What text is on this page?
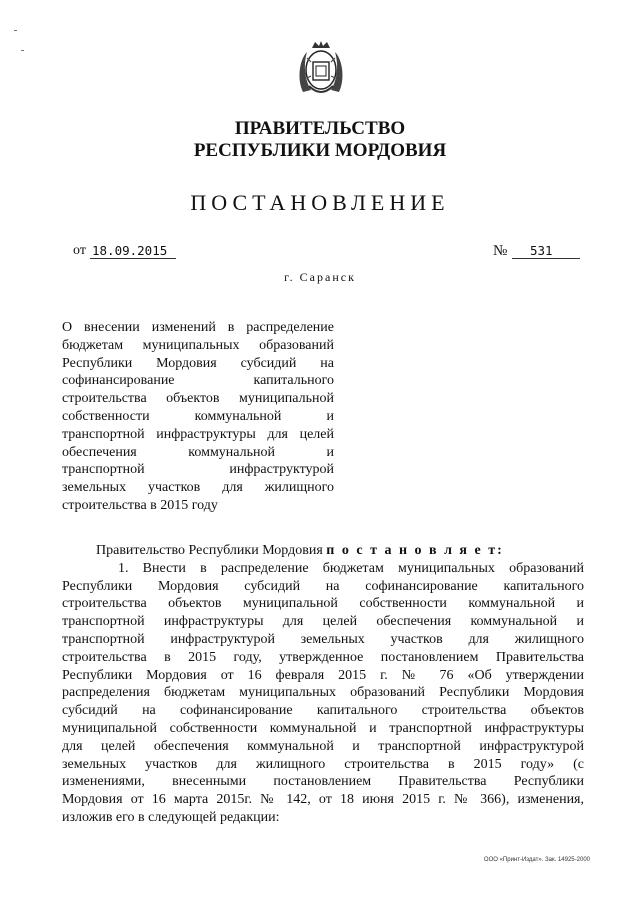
ПРАВИТЕЛЬСТВО
РЕСПУБЛИКИ МОРДОВИЯ
ПОСТАНОВЛЕНИЕ
от 18.09.2015	№	531
г. Саранск
О внесении изменений в распределение
бюджетам муниципальных образований
Республики Мордовия субсидий на
софинансирование капитального
строительства объектов муниципальной
собственности коммунальной и
транспортной инфраструктуры для целей
обеспечения коммунальной и
транспортной инфраструктурой
земельных участков для жилищного
строительства в 2015 году
Правительство Республики Мордовия п о с т а н о в л я е т:
1. Внести в распределение бюджетам муниципальных образований
Республики Мордовия субсидий на софинансирование капитального
строительства объектов муниципальной собственности коммунальной и
транспортной инфраструктуры для целей обеспечения коммунальной и
транспортной инфраструктурой земельных участков для жилищного
строительства в 2015 году, утвержденное постановлением Правительства
Республики Мордовия от 16 февраля 2015 г. № 76 «Об утверждении
распределения бюджетам муниципальных образований Республики Мордовия
субсидий на софинансирование капитального строительства объектов
муниципальной собственности коммунальной и транспортной инфраструктуры
для целей обеспечения коммунальной и транспортной инфраструктурой
земельных участков для жилищного строительства в 2015 году» (с
изменениями, внесенными постановлением Правительства Республики
Мордовия от 16 марта 2015г. № 142, от 18 июня 2015 г. № 366), изменения,
изложив его в следующей редакции:
ООО «Принт-Издат». Зак. 14925-2000
